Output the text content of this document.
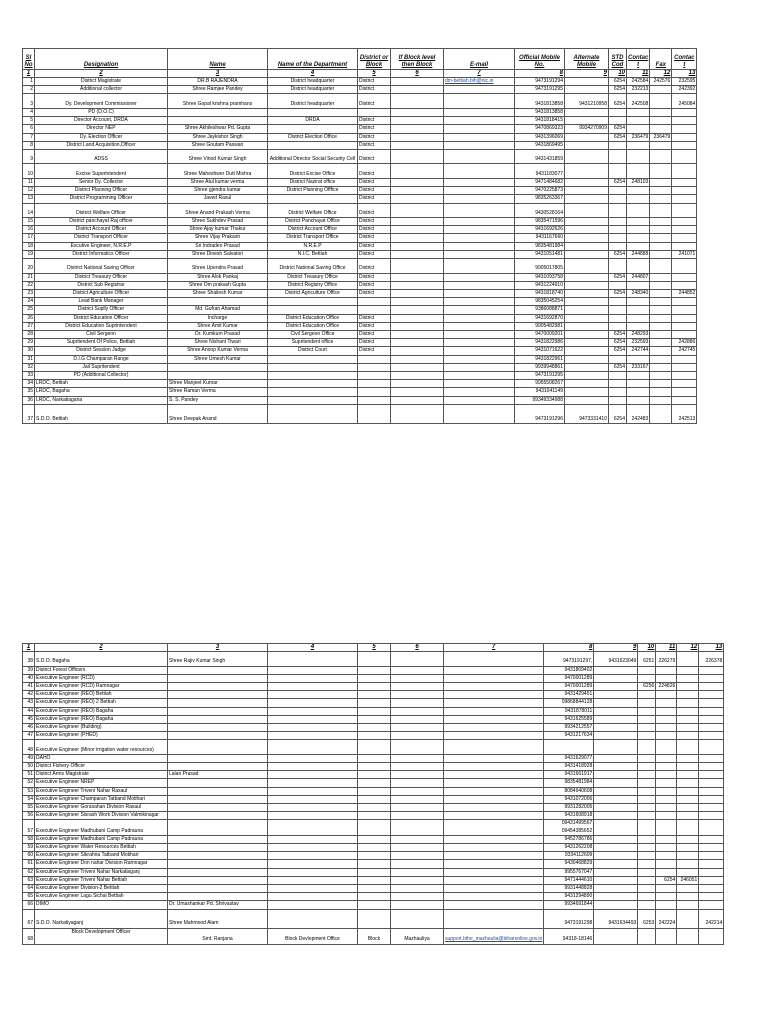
Sl No	Designation	Name	Name of the Department	District or Block	If Block level then Block	E-mail	Official Mobile No.	Alternate Mobile	STD Cod	Contac t	Fax	Contac t
1	2	3	4	5	6	7	8	9	10	11	12	13
1	District Magistrate	DR.B RAJENDRA	District headquarter	District		dm-bettiah.bih@nic.in	9473191294		6254	242584	242576	232595
2	Additional collector	Shree Ramjee Pandey	District headquarter	District			9473191295		6254	232213		242392
3	Dy. Development Commissioner	Shree Gopal krishna pramhans	District headquarter	District			9431813858	9431210958	6254	242508		245084
4	PD (D.O.C)						9431813858					
5	Director Account, DRDA		DRDA	District			9431818415					
6	Director NEP	Shree Akhileshwar Pd. Gupta		District			9470869323	9934270909	6254			
7	Dy. Election Officer	Shree Jaykishor Singh	District Election Office	District			9431396069		6254	236479	236479	
8	District Land Acquisition,Officer	Shree Goutam Paswan		District			9431869495					
9	ADSS	Shree Vinod Kumar Singh	Additional Director Social Security Cell	District			9431431859					
10	Excise Superintendent	Shree Maheshwer Dutt Mishra	District Excise Office	District			9431183077					
11	Senior Dy. Collector	Shree Atul kumar verma	District Nazirat office	District			9471484682		6254	248103		
12	District Planning Officer	Shree gjendra kumar	District Planning Offfice	District			9470225873					
13	District Programming Officer	Javed Rasul		District			9835263367					
14	District Welfare Officer	Shree Anand Prakash Verma	District Welfare Office	District			9430528164					
15	District panchayat Raj officer	Shree Sukhdev Prasad	District Panchayat Office	District			9835471596					
16	District Account Officer	Shree Ajay kumar Thakur	District Account Office	District			9431692626					
17	District Transport Officer	Shree Vijay Prakash	District Transport Office	District			9431167660					
18	Excutive Engineer, N.R.E.P	Sri Indradeo Prasad	N.R.E.P	District			9835481984					
19	District Informatics Officer	Shree Dinesh Salvatori	N.I.C. Bettiah	District			9431051481		6254	244888		241071
20	District National Saving Officer	Shree Upendra Prasad	District National Saving Office	District			9905017805					
21	District Treasury Officer	Shree Alok Pankaj	District Treasury Office	District			9431093758		6254	244807		
22	District Sub Registrar	Shree Om prakash Gupta	District Registry Office	District			9431224910					
23	District Agriculture Officer	Shree Shailesh Kumar	District Agriculture Office	District			9431818740		6254	248340		244852
24	Lead Bank Manager						9835045254					
25	District Suplly Officer	Md. Gufran Ahamad					9386088871					
26	District Education Officer	Incharge	District Education Office	District			9431692870					
27	District Education Suprintendent	Shree Amit Kumar	District Education Office	District			9905482981					
28	Civil Sergeon	Dr. Kumkum Prasad	Civil Sergeon Office	District			9470009201		6254	248293		
29	Supritendent Of Police, Bettiah	Shree Nishant Tiwari	Supritendent office	District			9431822986		6254	232593		242886
30	District Session Judge	Shree Anoop Kumar Verma	District Court	District			9431071622		6254	242744		242745
31	D.I.G Champaran Range	Shree Umesh Kumar					9431822961					
32	Jail Supritendent						9939948861		6254	233167		
33	PD (Additional Collector)						9473191295					
34	LRDC, Bettiah	Shree Manjeet Kumar					9955508267					
35	LRDC, Bagaha	Shree Raman Verma					9431041149					
36	LRDC, Narkatiagana	S. S. Pandey					99349334988					
37	S.D.O. Bettiah	Shree Deepak Anand					9473191296	9473331410	6254	242483		242513
1	2	3	4	5	6	7	8	9	10	11	12	13
38	S.D.O. Bagaha	Shree Rajiv Kumar Singh					9473191297,	9431623049	6251	226279		226378
39	District Forest Officers						9431809402					
40	Executive Engineer (RCD)						9470001289					
41	Executive Engineer (RCD) Ramnagar						9470001289		6256	224826		
42	Executive Engineer (REO) Bettiah						9431429451					
43	Executive Engineer (REO) 2 Bettiah						09868844128					
44	Executive Engineer (REO) Bagaha						9431878011					
45	Executive Engineer (REO) Bagaha						9431625589					
46	Executive Engineer (Building)						9934212557					
47	Executive Engineer (PHED)						9431217634					
48	Executive Engineer (Minor irrigation water resources)											
49	DAHO						9431629077					
50	District Fishery Officer						9431418928					
51	District Arms Magistrate	Lalan Prasad					9431661917					
52	Executive Engineer NREP						9835481984					
53	Executive Engineer Triveni Nahar Raxaul						8084940608					
54	Executive Engineer Champaran Tatband Motihari						9431072006					
55	Executive Engineer Gorasahan Division Raxaul						9931282005					
56	Executive Engineer Sisrash Work Division Valmikinagar						9431608918					
57	Executive Engineer Madhubani Camp Padrauna						09431499567 09454385652					
58	Executive Engineer Madhubani Camp Padrauna						9452786786					
59	Executive Engineer Water Resources Bettiah						9431262208					
60	Executive Engineer Sikrahna Tatband Motihari						9334112609					
61	Executive Engineer Don nahar Division Ramnagar						9430468829					
62	Executive Engineer Triveni Nahar Narkatiaganj						9955767047					
63	Executive Engineer Triveni Nahar Bettiah						9471444610			6254	246051	
64	Executive Engineer Division-2 Bettiah						9931448828					
65	Executive Engineer Lagu Sichai Bettiah						9431294890					
66	DIMO	Dr. Umashankar Pd. Shrivastav					9934691844					
67	S.D.O. Narkatiyaganj	Shree Mahmood Alam					9473191298	9431634493	6253	242224		242214
68	Block Development Officer	Smt. Ranjana	Block Devlopment Office	Block	Mazhauliya	support.bthe_mazhaulia@biharonline.gov.in	94318-18146					
